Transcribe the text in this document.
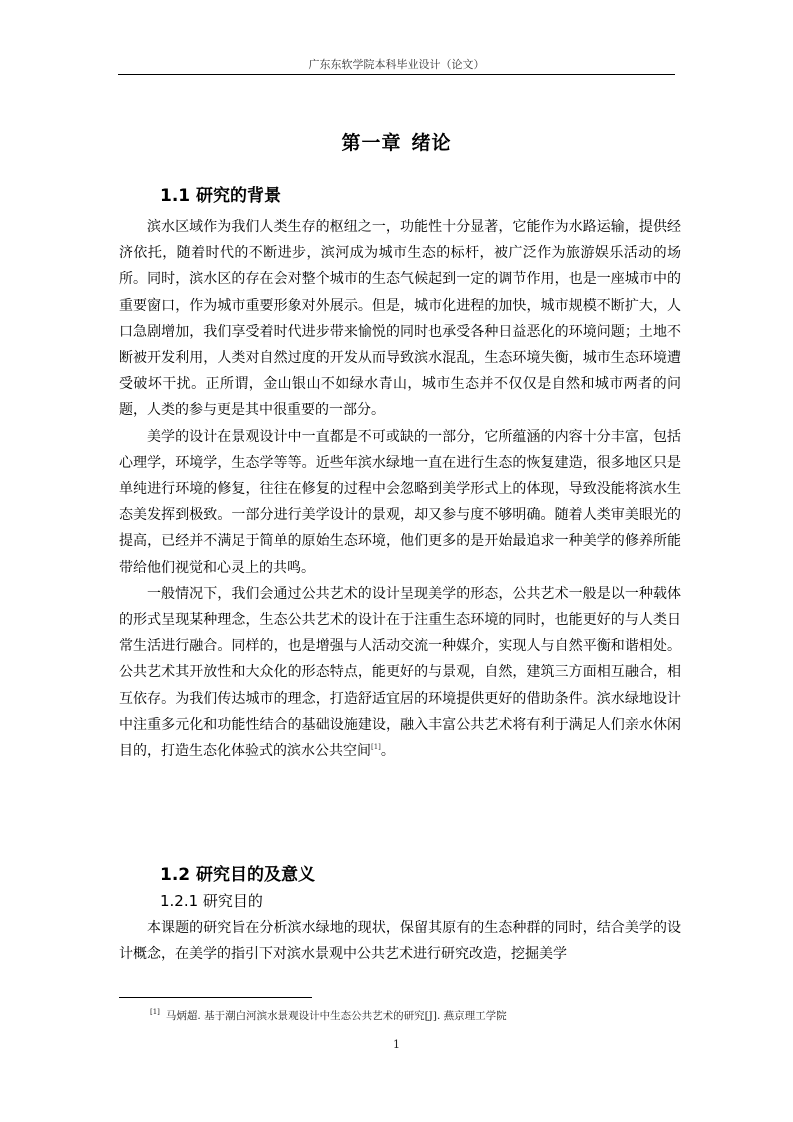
广东东软学院本科毕业设计（论文）
第一章 绪论
1.1 研究的背景

滨水区域作为我们人类生存的枢纽之一，功能性十分显著，它能作为水路运输，提供经济依托，随着时代的不断进步，滨河成为城市生态的标杆，被广泛作为旅游娱乐活动的场所。同时，滨水区的存在会对整个城市的生态气候起到一定的调节作用，也是一座城市中的重要窗口，作为城市重要形象对外展示。但是，城市化进程的加快，城市规模不断扩大，人口急剧增加，我们享受着时代进步带来愉悦的同时也承受各种日益恶化的环境问题；土地不断被开发利用，人类对自然过度的开发从而导致滨水混乱，生态环境失衡，城市生态环境遭受破坏干扰。正所谓，金山银山不如绿水青山，城市生态并不仅仅是自然和城市两者的问题，人类的参与更是其中很重要的一部分。

美学的设计在景观设计中一直都是不可或缺的一部分，它所蕴涵的内容十分丰富，包括心理学，环境学，生态学等等。近些年滨水绿地一直在进行生态的恢复建造，很多地区只是单纯进行环境的修复，往往在修复的过程中会忽略到美学形式上的体现，导致没能将滨水生态美发挥到极致。一部分进行美学设计的景观，却又参与度不够明确。随着人类审美眼光的提高，已经并不满足于简单的原始生态环境，他们更多的是开始最追求一种美学的修养所能带给他们视觉和心灵上的共鸣。

一般情况下，我们会通过公共艺术的设计呈现美学的形态，公共艺术一般是以一种载体的形式呈现某种理念，生态公共艺术的设计在于注重生态环境的同时，也能更好的与人类日常生活进行融合。同样的，也是增强与人活动交流一种媒介，实现人与自然平衡和谐相处。公共艺术其开放性和大众化的形态特点，能更好的与景观，自然，建筑三方面相互融合，相互依存。为我们传达城市的理念，打造舒适宜居的环境提供更好的借助条件。滨水绿地设计中注重多元化和功能性结合的基础设施建设，融入丰富公共艺术将有利于满足人们亲水休闲目的，打造生态化体验式的滨水公共空间[1]。

1.2 研究目的及意义
1.2.1 研究目的

本课题的研究旨在分析滨水绿地的现状，保留其原有的生态种群的同时，结合美学的设计概念，在美学的指引下对滨水景观中公共艺术进行研究改造，挖掘美学

[1] 马炳超. 基于潮白河滨水景观设计中生态公共艺术的研究[J]. 燕京理工学院
1
